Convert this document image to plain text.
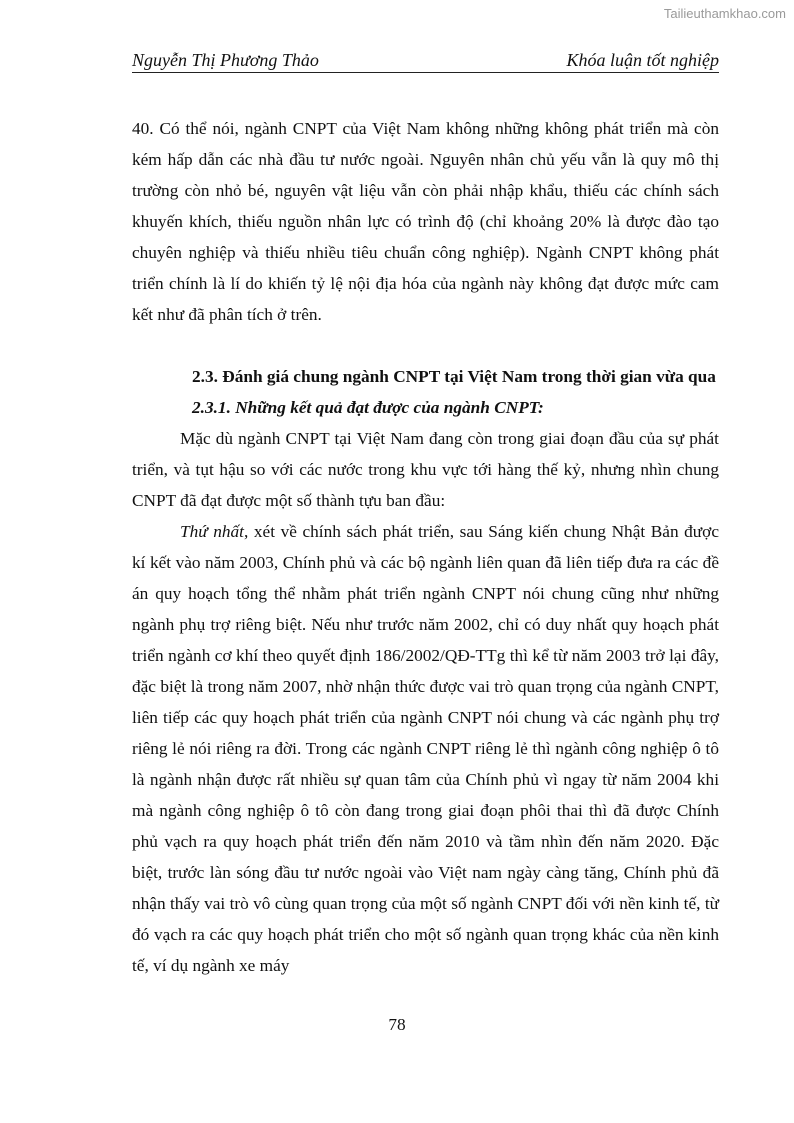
Tailieuthamkhao.com
Nguyễn Thị Phương Thảo	Khóa luận tốt nghiệp

40. Có thể nói, ngành CNPT của Việt Nam không những không phát triển mà còn kém hấp dẫn các nhà đầu tư nước ngoài. Nguyên nhân chủ yếu vẫn là quy mô thị trường còn nhỏ bé, nguyên vật liệu vẫn còn phải nhập khẩu, thiếu các chính sách khuyến khích, thiếu nguồn nhân lực có trình độ (chỉ khoảng 20% là được đào tạo chuyên nghiệp và thiếu nhiều tiêu chuẩn công nghiệp). Ngành CNPT không phát triển chính là lí do khiến tỷ lệ nội địa hóa của ngành này không đạt được mức cam kết như đã phân tích ở trên.

2.3. Đánh giá chung ngành CNPT tại Việt Nam trong thời gian vừa qua

2.3.1. Những kết quả đạt được của ngành CNPT:

Mặc dù ngành CNPT tại Việt Nam đang còn trong giai đoạn đầu của sự phát triển, và tụt hậu so với các nước trong khu vực tới hàng thế kỷ, nhưng nhìn chung CNPT đã đạt được một số thành tựu ban đầu:

Thứ nhất, xét về chính sách phát triển, sau Sáng kiến chung Nhật Bản được kí kết vào năm 2003, Chính phủ và các bộ ngành liên quan đã liên tiếp đưa ra các đề án quy hoạch tổng thể nhằm phát triển ngành CNPT nói chung cũng như những ngành phụ trợ riêng biệt. Nếu như trước năm 2002, chỉ có duy nhất quy hoạch phát triển ngành cơ khí theo quyết định 186/2002/QĐ-TTg thì kể từ năm 2003 trở lại đây, đặc biệt là trong năm 2007, nhờ nhận thức được vai trò quan trọng của ngành CNPT, liên tiếp các quy hoạch phát triển của ngành CNPT nói chung và các ngành phụ trợ riêng lẻ nói riêng ra đời. Trong các ngành CNPT riêng lẻ thì ngành công nghiệp ô tô là ngành nhận được rất nhiều sự quan tâm của Chính phủ vì ngay từ năm 2004 khi mà ngành công nghiệp ô tô còn đang trong giai đoạn phôi thai thì đã được Chính phủ vạch ra quy hoạch phát triển đến năm 2010 và tầm nhìn đến năm 2020. Đặc biệt, trước làn sóng đầu tư nước ngoài vào Việt nam ngày càng tăng, Chính phủ đã nhận thấy vai trò vô cùng quan trọng của một số ngành CNPT đối với nền kinh tế, từ đó vạch ra các quy hoạch phát triển cho một số ngành quan trọng khác của nền kinh tế, ví dụ ngành xe máy

78
